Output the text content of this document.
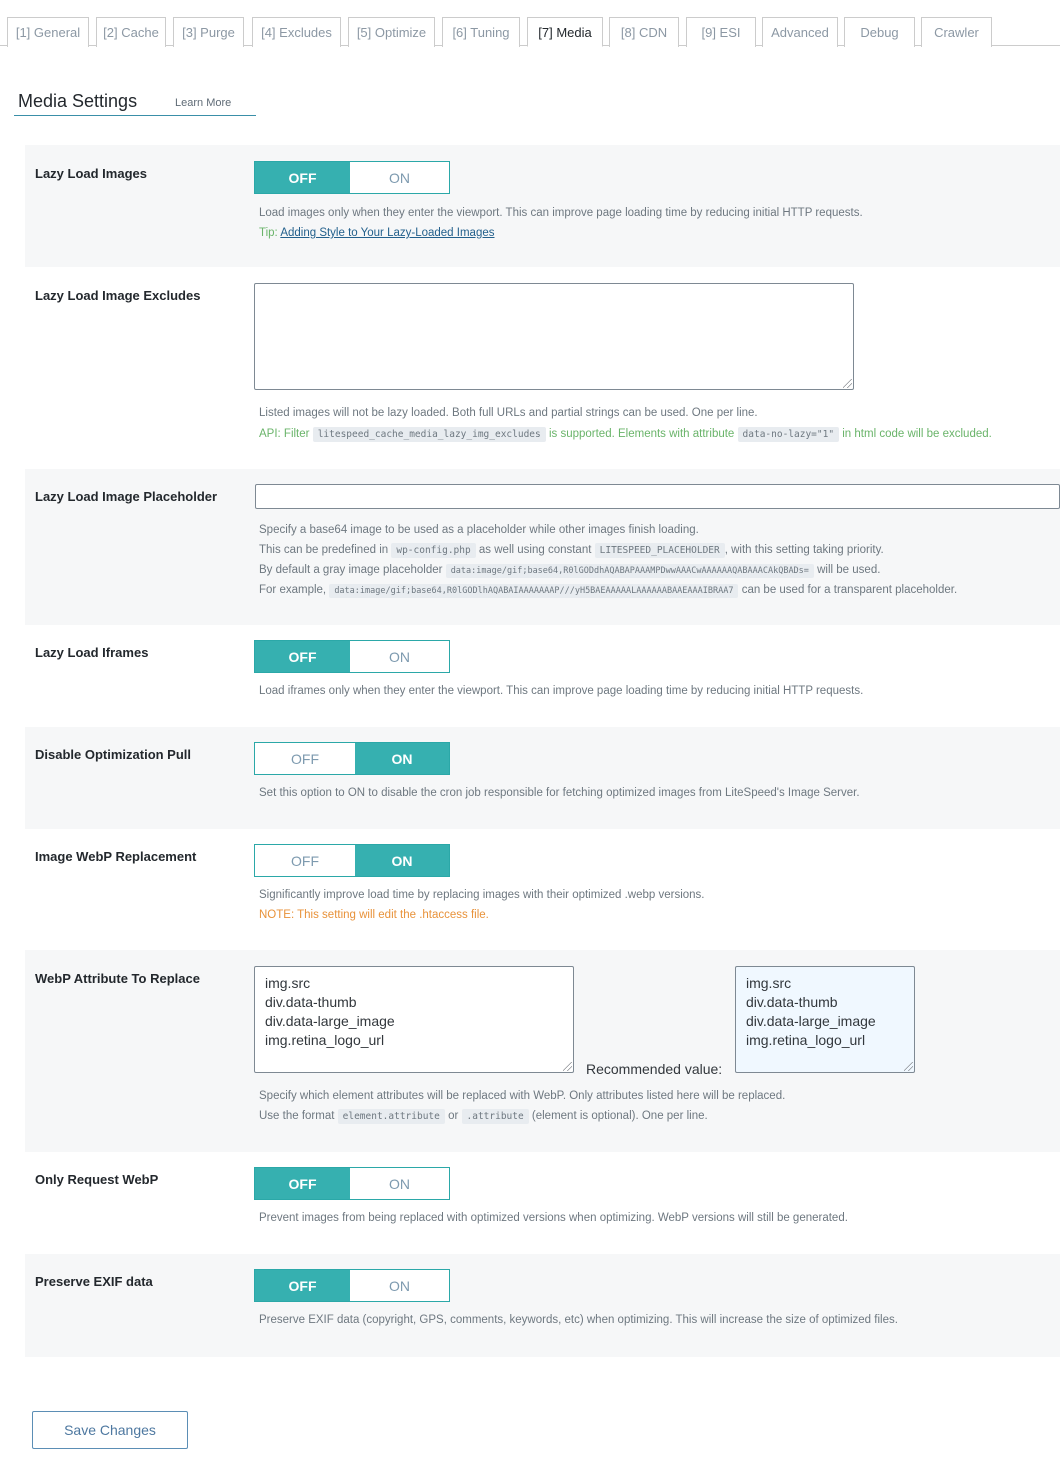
[1] General	[2] Cache	[3] Purge	[4] Excludes	[5] Optimize	[6] Tuning	[7] Media	[8] CDN	[9] ESI	Advanced	Debug	Crawler
Media Settings	Learn More
Lazy Load Images	OFF	ON
Load images only when they enter the viewport. This can improve page loading time by reducing initial HTTP requests.
Tip: Adding Style to Your Lazy-Loaded Images
Lazy Load Image Excludes
Listed images will not be lazy loaded. Both full URLs and partial strings can be used. One per line.
API: Filter litespeed_cache_media_lazy_img_excludes is supported. Elements with attribute data-no-lazy="1" in html code will be excluded.
Lazy Load Image Placeholder
Specify a base64 image to be used as a placeholder while other images finish loading.
This can be predefined in wp-config.php as well using constant LITESPEED_PLACEHOLDER , with this setting taking priority.
By default a gray image placeholder data:image/gif;base64,R0lGODdhAQABAPAAAMPDwwAAACwAAAAAAQABAAACAkQBADs= will be used.
For example, data:image/gif;base64,R0lGODlhAQABAIAAAAAAAP///yH5BAEAAAAALAAAAAABAAEAAAIBRAA7 can be used for a transparent placeholder.
Lazy Load Iframes	OFF	ON
Load iframes only when they enter the viewport. This can improve page loading time by reducing initial HTTP requests.
Disable Optimization Pull	OFF	ON
Set this option to ON to disable the cron job responsible for fetching optimized images from LiteSpeed's Image Server.
Image WebP Replacement	OFF	ON
Significantly improve load time by replacing images with their optimized .webp versions.
NOTE: This setting will edit the .htaccess file.
WebP Attribute To Replace	img.src
div.data-thumb
div.data-large_image
img.retina_logo_url
Recommended value:
img.src
div.data-thumb
div.data-large_image
img.retina_logo_url
Specify which element attributes will be replaced with WebP. Only attributes listed here will be replaced.
Use the format element.attribute or .attribute (element is optional). One per line.
Only Request WebP	OFF	ON
Prevent images from being replaced with optimized versions when optimizing. WebP versions will still be generated.
Preserve EXIF data	OFF	ON
Preserve EXIF data (copyright, GPS, comments, keywords, etc) when optimizing. This will increase the size of optimized files.
Save Changes
